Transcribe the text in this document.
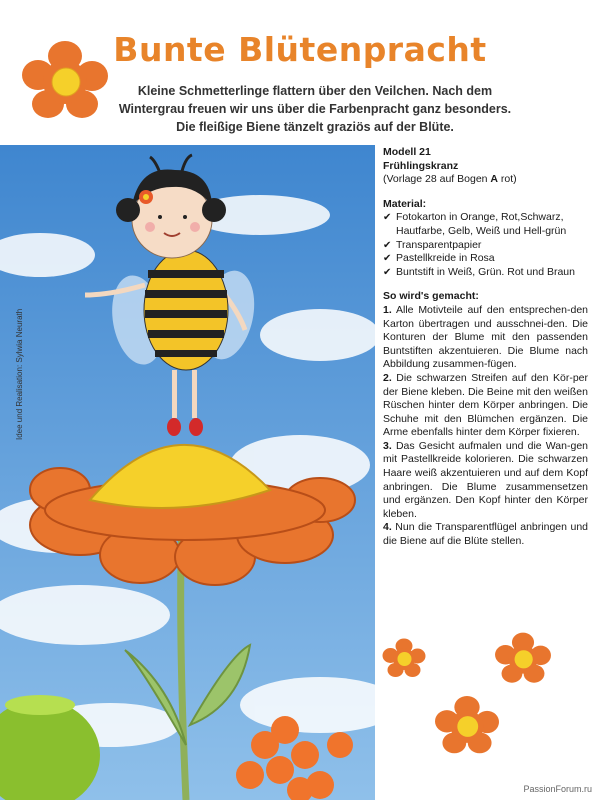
Bunte Blütenpracht
Kleine Schmetterlinge flattern über den Veilchen. Nach dem
Wintergrau freuen wir uns über die Farbenpracht ganz besonders.
Die fleißige Biene tänzelt graziös auf der Blüte.
Idee und Realisation: Sylwia Neurath

Modell 21

Frühlingskranz

(Vorlage 28 auf Bogen A rot)

Material:

✔ Fotokarton in Orange, Rot,Schwarz, Hautfarbe, Gelb, Weiß und Hell-grün
✔ Transparentpapier
✔ Pastellkreide in Rosa
✔ Buntstift in Weiß, Grün. Rot und Braun

So wird's gemacht:

1. Alle Motivteile auf den entsprechen-den Karton übertragen und ausschnei-den. Die Konturen der Blume mit den passenden Buntstiften akzentuieren. Die Blume nach Abbildung zusammen-fügen.

2. Die schwarzen Streifen auf den Kör-per der Biene kleben. Die Beine mit den weißen Rüschen hinter dem Körper anbringen. Die Schuhe mit den Blümchen ergänzen. Die Arme ebenfalls hinter dem Körper fixieren.

3. Das Gesicht aufmalen und die Wan-gen mit Pastellkreide kolorieren. Die schwarzen Haare weiß akzentuieren und auf dem Kopf anbringen. Die Blume zusammensetzen und ergänzen. Den Kopf hinter den Körper kleben.

4. Nun die Transparentflügel anbringen und die Biene auf die Blüte stellen.

PassionForum.ru
